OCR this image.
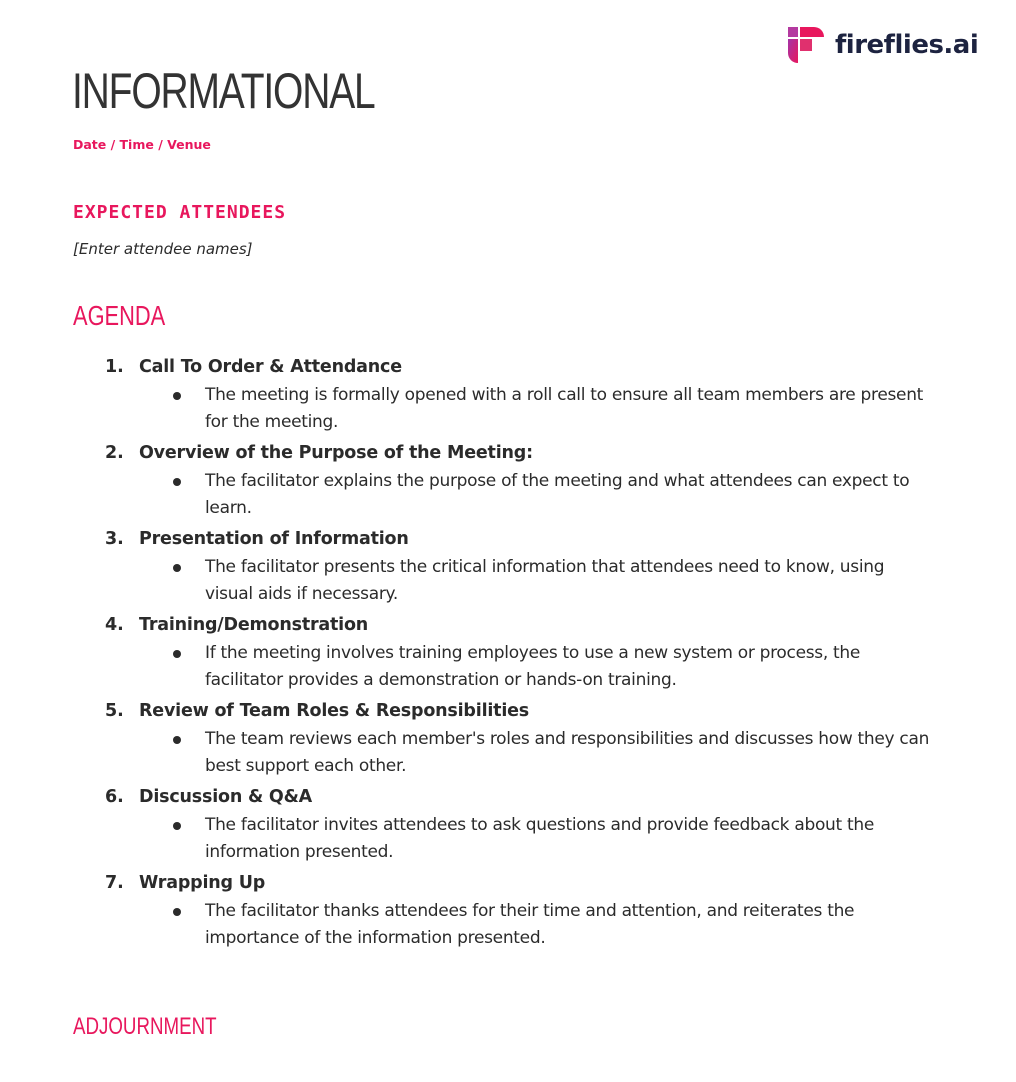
fireflies.ai
INFORMATIONAL
Date / Time / Venue
EXPECTED ATTENDEES
[Enter attendee names]
AGENDA
1. Call To Order & Attendance
The meeting is formally opened with a roll call to ensure all team members are present for the meeting.
2. Overview of the Purpose of the Meeting:
The facilitator explains the purpose of the meeting and what attendees can expect to learn.
3. Presentation of Information
The facilitator presents the critical information that attendees need to know, using visual aids if necessary.
4. Training/Demonstration
If the meeting involves training employees to use a new system or process, the facilitator provides a demonstration or hands-on training.
5. Review of Team Roles & Responsibilities
The team reviews each member's roles and responsibilities and discusses how they can best support each other.
6. Discussion & Q&A
The facilitator invites attendees to ask questions and provide feedback about the information presented.
7. Wrapping Up
The facilitator thanks attendees for their time and attention, and reiterates the importance of the information presented.
ADJOURNMENT
